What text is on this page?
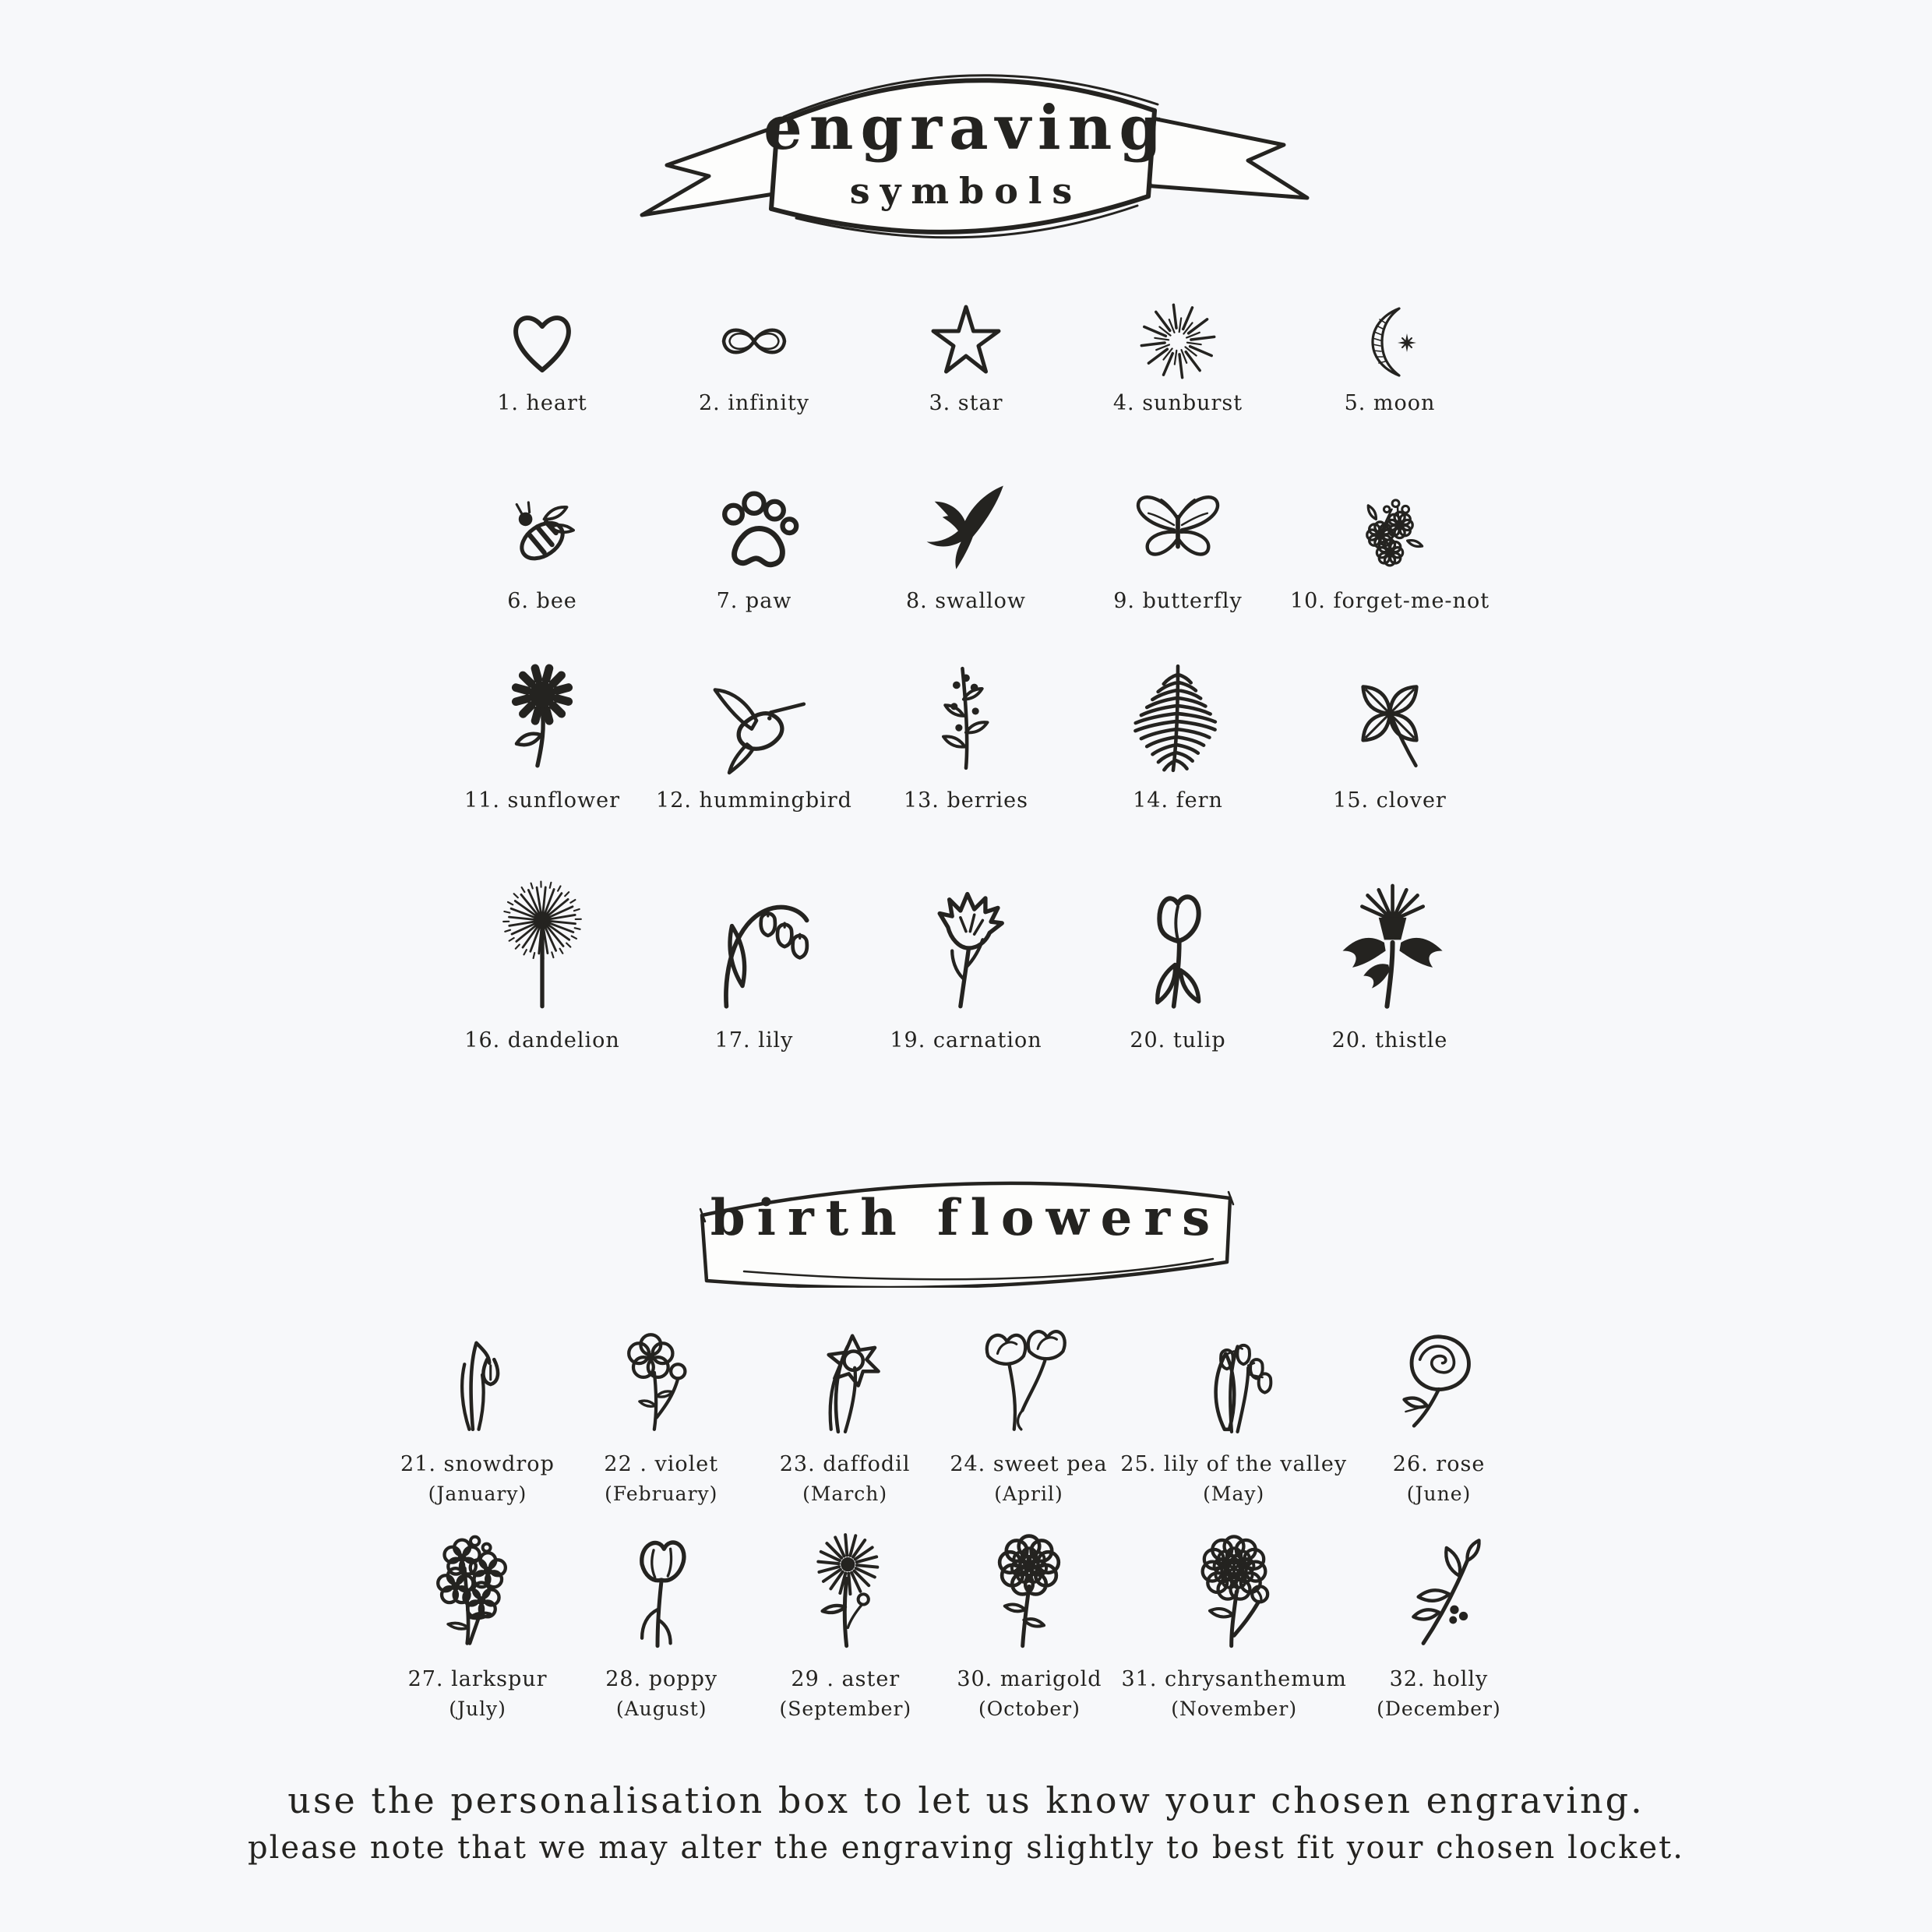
engraving
symbols
1. heart	2. infinity	3. star	4. sunburst	5. moon
6. bee	7. paw	8. swallow	9. butterfly 10. forget-me-not
11. sunflower 12. hummingbird 13. berries	14. fern	15. clover
16. dandelion	17. lily	19. carnation	20. tulip	20. thistle
birth flowers
21. snowdrop
(January)
22 . violet
(February)
23. daffodil
(March)
24. sweet pea
(April)
25. lily of the valley
(May)
26. rose
(June)
27. larkspur
(July)
28. poppy
(August)
29 . aster
(September)
30. marigold
(October)
31. chrysanthemum
(November)
32. holly
(December)
use the personalisation box to let us know your chosen engraving.
please note that we may alter the engraving slightly to best fit your chosen locket.
